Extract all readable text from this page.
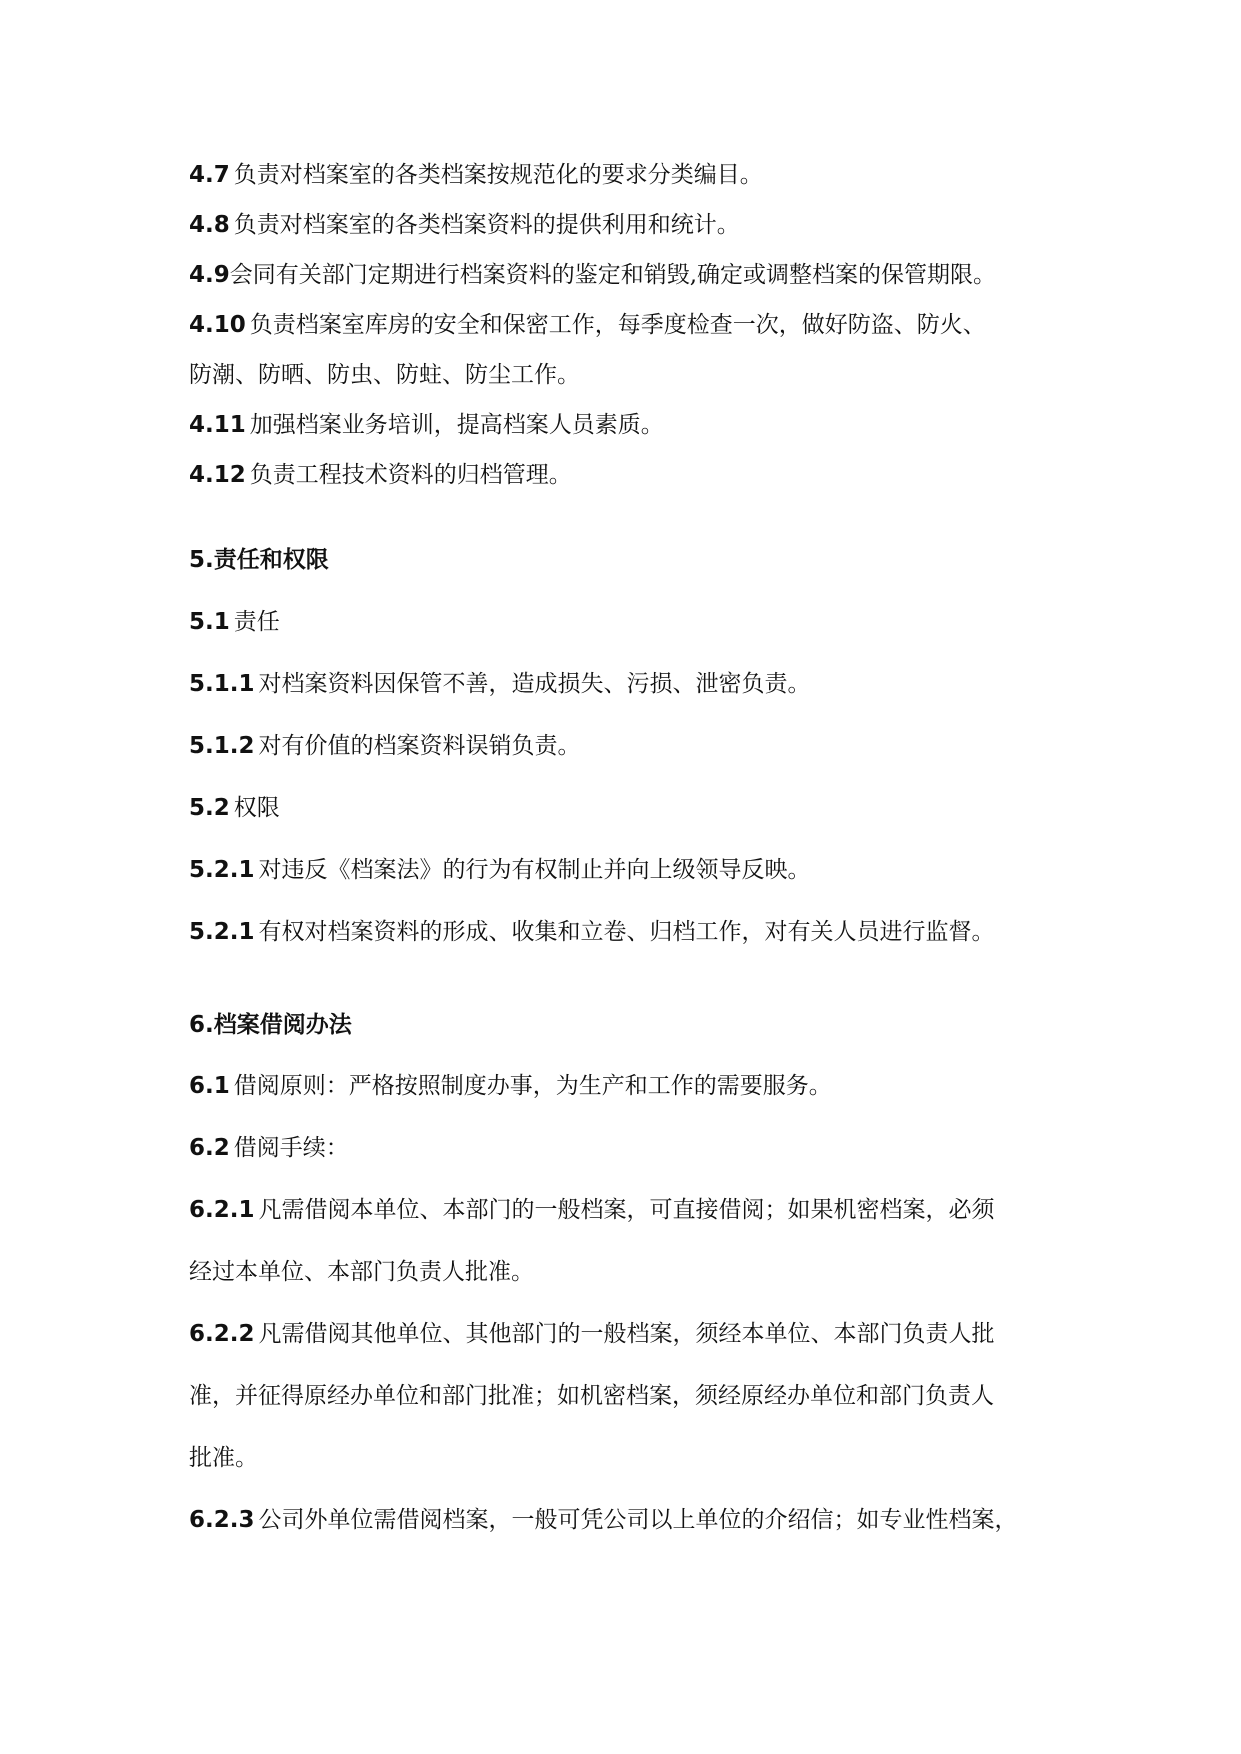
4.7 负责对档案室的各类档案按规范化的要求分类编目。
4.8 负责对档案室的各类档案资料的提供利用和统计。
4.9会同有关部门定期进行档案资料的鉴定和销毁,确定或调整档案的保管期限。
4.10 负责档案室库房的安全和保密工作，每季度检查一次，做好防盗、防火、
防潮、防晒、防虫、防蛀、防尘工作。
4.11 加强档案业务培训，提高档案人员素质。
4.12 负责工程技术资料的归档管理。
5.责任和权限
5.1 责任
5.1.1 对档案资料因保管不善，造成损失、污损、泄密负责。
5.1.2 对有价值的档案资料误销负责。
5.2 权限
5.2.1 对违反《档案法》的行为有权制止并向上级领导反映。
5.2.1 有权对档案资料的形成、收集和立卷、归档工作，对有关人员进行监督。
6.档案借阅办法
6.1 借阅原则：严格按照制度办事，为生产和工作的需要服务。
6.2 借阅手续：
6.2.1 凡需借阅本单位、本部门的一般档案，可直接借阅；如果机密档案，必须
经过本单位、本部门负责人批准。
6.2.2 凡需借阅其他单位、其他部门的一般档案，须经本单位、本部门负责人批
准，并征得原经办单位和部门批准；如机密档案，须经原经办单位和部门负责人
批准。
6.2.3 公司外单位需借阅档案，一般可凭公司以上单位的介绍信；如专业性档案，
